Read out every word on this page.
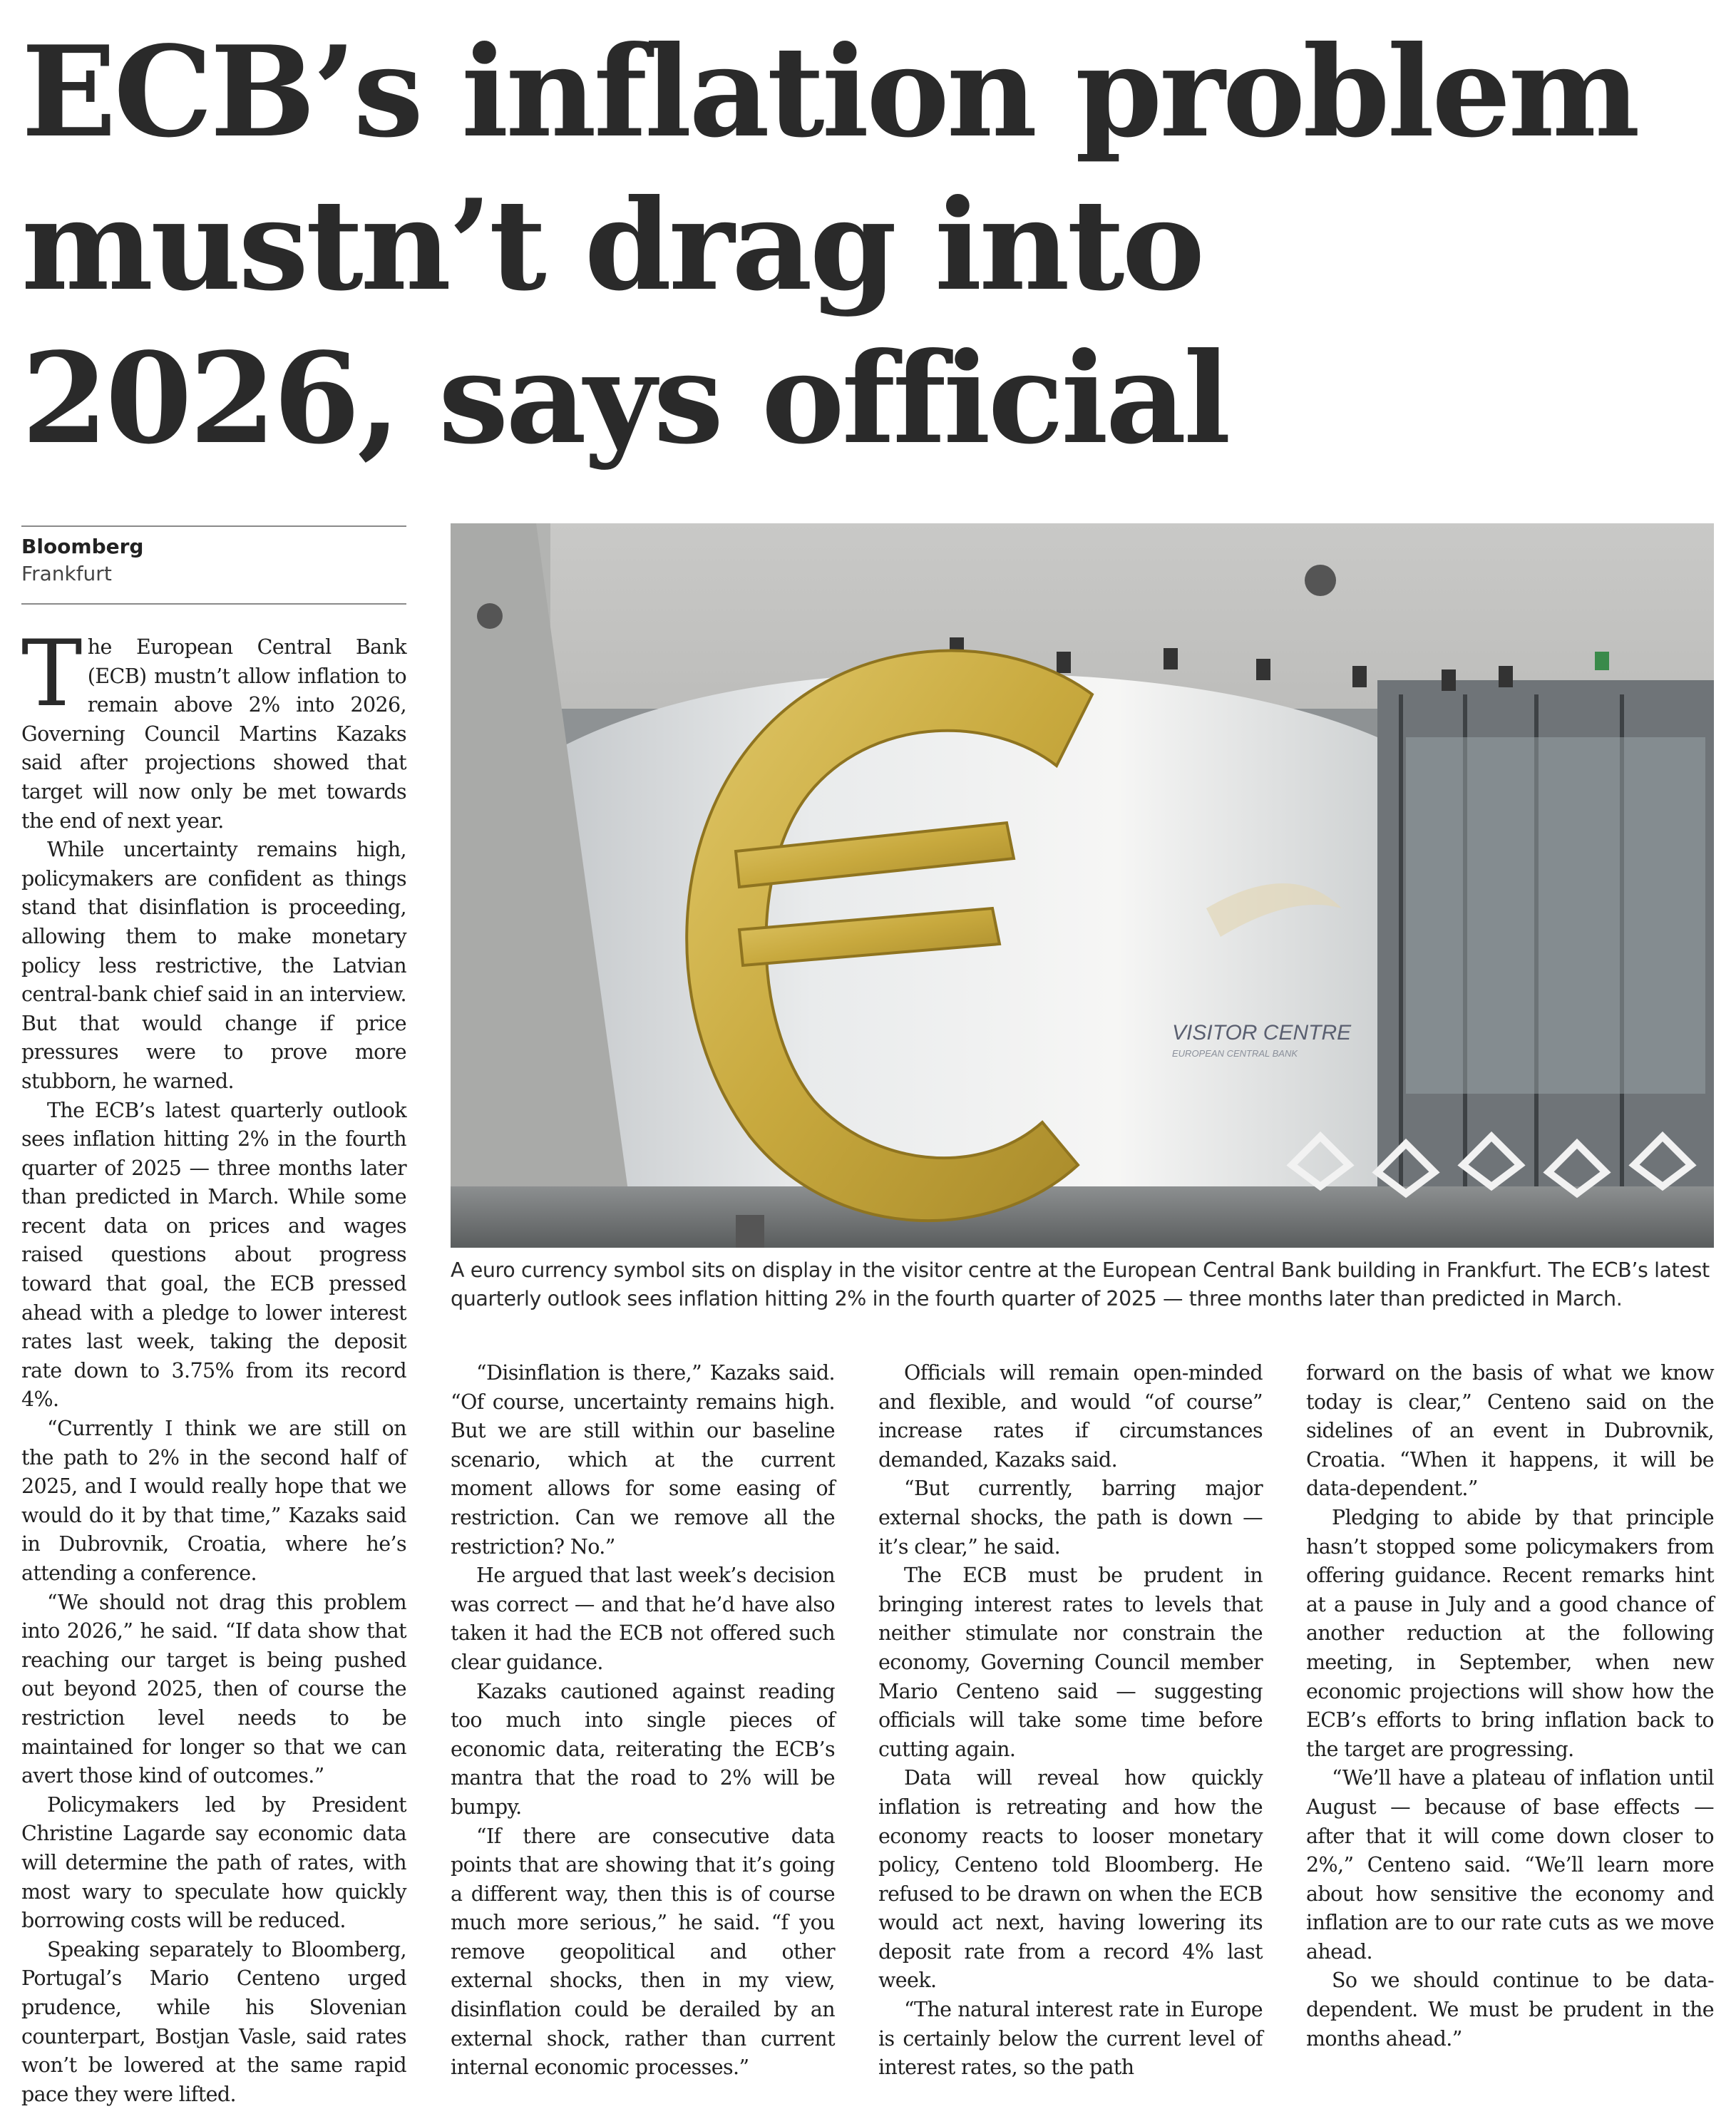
ECB’s inflation problem
mustn’t drag into
2026, says official
Bloomberg
Frankfurt

The European Central Bank (ECB) mustn’t allow inflation to remain above 2% into 2026, Governing Council Martins Kazaks said after projections showed that target will now only be met towards the end of next year.

While uncertainty remains high, policymakers are confident as things stand that disinflation is proceeding, allowing them to make monetary policy less restrictive, the Latvian central-bank chief said in an interview. But that would change if price pressures were to prove more stubborn, he warned.

The ECB’s latest quarterly outlook sees inflation hitting 2% in the fourth quarter of 2025 — three months later than predicted in March. While some recent data on prices and wages raised questions about progress toward that goal, the ECB pressed ahead with a pledge to lower interest rates last week, taking the deposit rate down to 3.75% from its record 4%.

“Currently I think we are still on the path to 2% in the second half of 2025, and I would really hope that we would do it by that time,” Kazaks said in Dubrovnik, Croatia, where he’s attending a conference.

“We should not drag this problem into 2026,” he said. “If data show that reaching our target is being pushed out beyond 2025, then of course the restriction level needs to be maintained for longer so that we can avert those kind of outcomes.”

Policymakers led by President Christine Lagarde say economic data will determine the path of rates, with most wary to speculate how quickly borrowing costs will be reduced.

Speaking separately to Bloomberg, Portugal’s Mario Centeno urged prudence, while his Slovenian counterpart, Bostjan Vasle, said rates won’t be lowered at the same rapid pace they were lifted.

VISITOR CENTRE
EUROPEAN CENTRAL BANK
A euro currency symbol sits on display in the visitor centre at the European Central Bank building in Frankfurt. The ECB’s latest quarterly outlook sees inflation hitting 2% in the fourth quarter of 2025 — three months later than predicted in March.

“Disinflation is there,” Kazaks said. “Of course, uncertainty remains high. But we are still within our baseline scenario, which at the current moment allows for some easing of restriction. Can we remove all the restriction? No.”

He argued that last week’s decision was correct — and that he’d have also taken it had the ECB not offered such clear guidance.

Kazaks cautioned against reading too much into single pieces of economic data, reiterating the ECB’s mantra that the road to 2% will be bumpy.

“If there are consecutive data points that are showing that it’s going a different way, then this is of course much more serious,” he said. “f you remove geopolitical and other external shocks, then in my view, disinflation could be derailed by an external shock, rather than current internal economic processes.”

Officials will remain open-minded and flexible, and would “of course” increase rates if circumstances demanded, Kazaks said.

“But currently, barring major external shocks, the path is down — it’s clear,” he said.

The ECB must be prudent in bringing interest rates to levels that neither stimulate nor constrain the economy, Governing Council member Mario Centeno said — suggesting officials will take some time before cutting again.

Data will reveal how quickly inflation is retreating and how the economy reacts to looser monetary policy, Centeno told Bloomberg. He refused to be drawn on when the ECB would act next, having lowering its deposit rate from a record 4% last week.

“The natural interest rate in Europe is certainly below the current level of interest rates, so the path

forward on the basis of what we know today is clear,” Centeno said on the sidelines of an event in Dubrovnik, Croatia. “When it happens, it will be data-dependent.”

Pledging to abide by that principle hasn’t stopped some policymakers from offering guidance. Recent remarks hint at a pause in July and a good chance of another reduction at the following meeting, in September, when new economic projections will show how the ECB’s efforts to bring inflation back to the target are progressing.

“We’ll have a plateau of inflation until August — because of base effects — after that it will come down closer to 2%,” Centeno said. “We’ll learn more about how sensitive the economy and inflation are to our rate cuts as we move ahead.

So we should continue to be data-dependent. We must be prudent in the months ahead.”
